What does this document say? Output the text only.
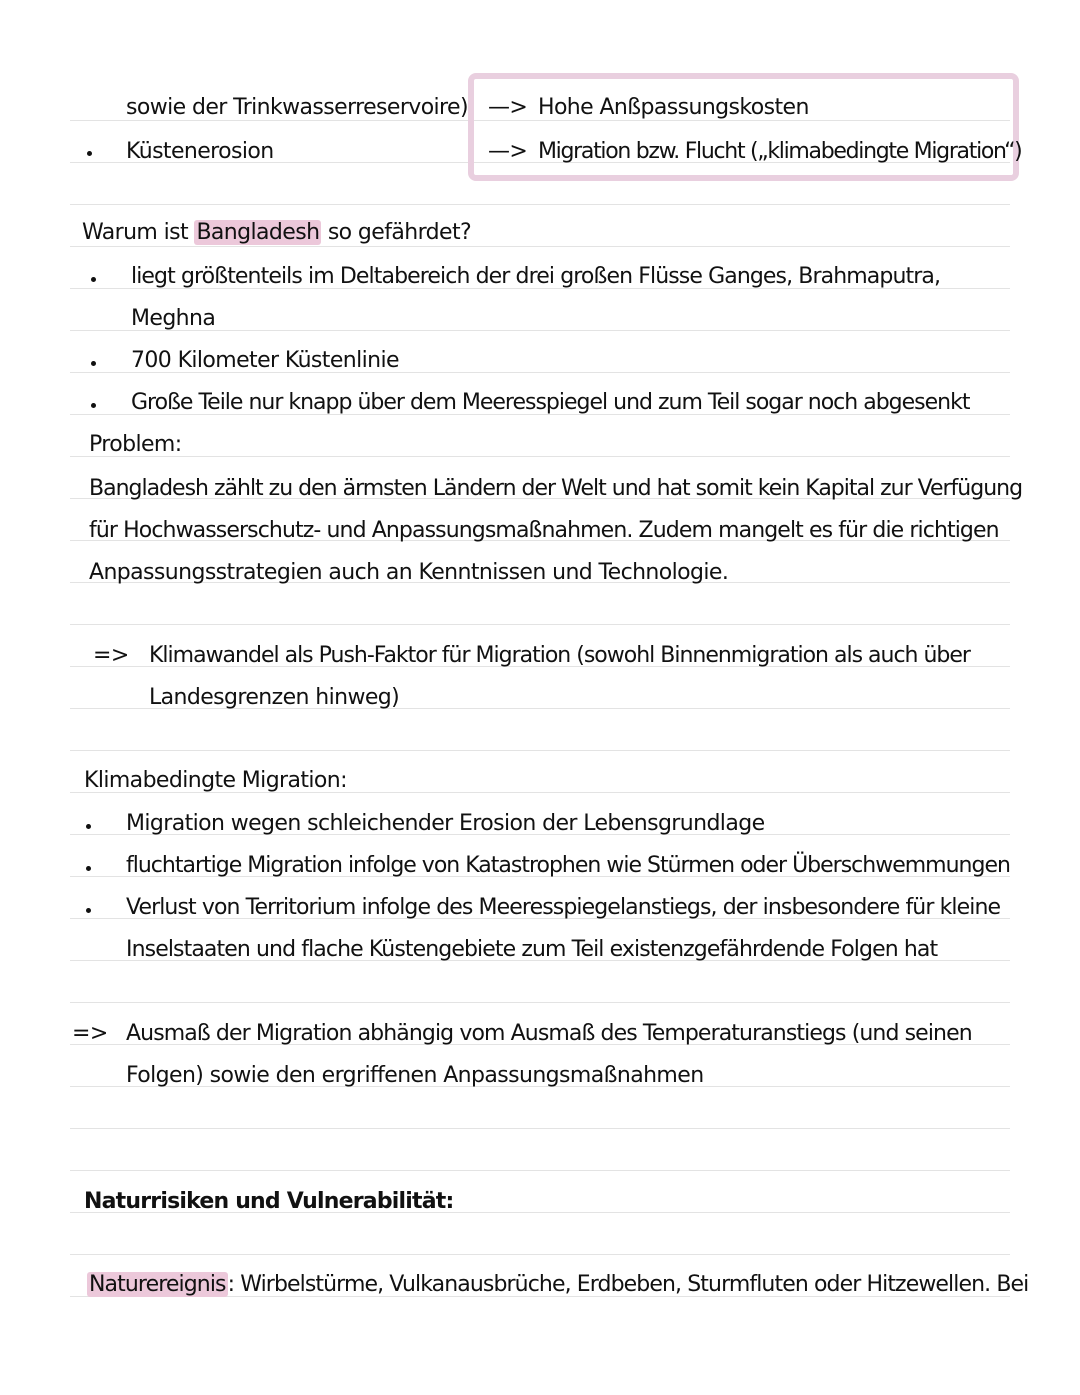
sowie der Trinkwasserreservoire)
Küstenerosion
—> Hohe Anßpassungskosten
—> Migration bzw. Flucht („klimabedingte Migration“)
Warum ist Bangladesh so gefährdet?
liegt größtenteils im Deltabereich der drei großen Flüsse Ganges, Brahmaputra,
Meghna
700 Kilometer Küstenlinie
Große Teile nur knapp über dem Meeresspiegel und zum Teil sogar noch abgesenkt
Problem:
Bangladesh zählt zu den ärmsten Ländern der Welt und hat somit kein Kapital zur Verfügung
für Hochwasserschutz- und Anpassungsmaßnahmen. Zudem mangelt es für die richtigen
Anpassungsstrategien auch an Kenntnissen und Technologie.
=> Klimawandel als Push-Faktor für Migration (sowohl Binnenmigration als auch über
Landesgrenzen hinweg)
Klimabedingte Migration:
Migration wegen schleichender Erosion der Lebensgrundlage
fluchtartige Migration infolge von Katastrophen wie Stürmen oder Überschwemmungen
Verlust von Territorium infolge des Meeresspiegelanstiegs, der insbesondere für kleine
Inselstaaten und flache Küstengebiete zum Teil existenzgefährdende Folgen hat
=> Ausmaß der Migration abhängig vom Ausmaß des Temperaturanstiegs (und seinen
Folgen) sowie den ergriffenen Anpassungsmaßnahmen
Naturrisiken und Vulnerabilität:
Naturereignis: Wirbelstürme, Vulkanausbrüche, Erdbeben, Sturmfluten oder Hitzewellen. Bei
